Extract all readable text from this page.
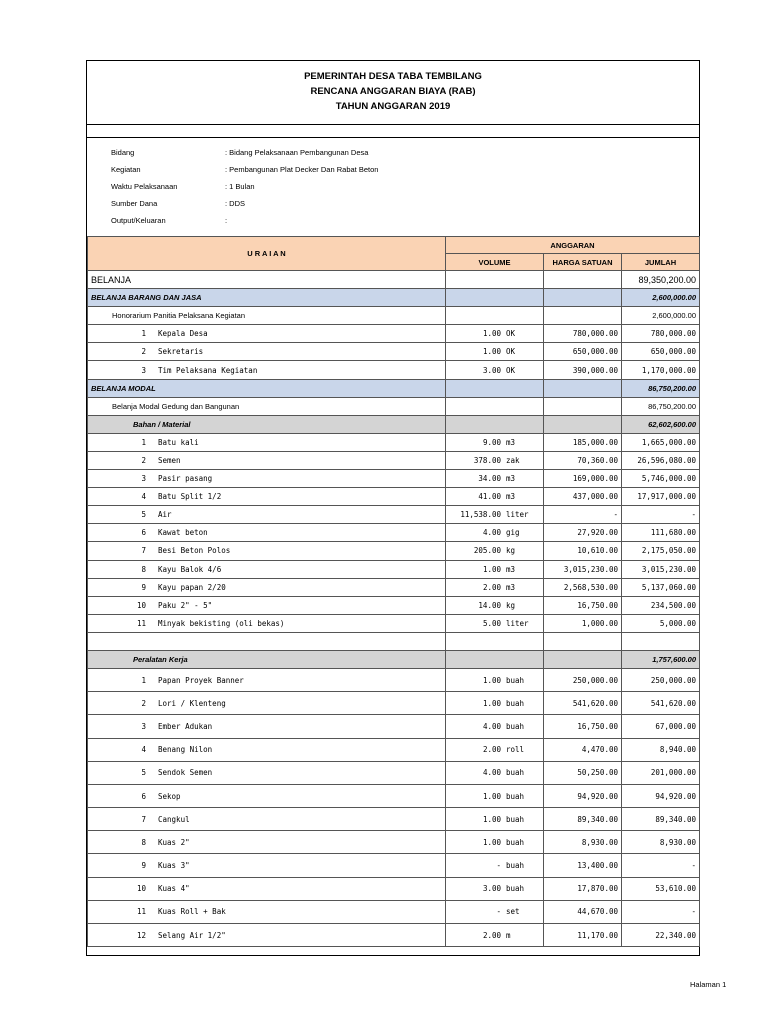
PEMERINTAH DESA TABA TEMBILANG
RENCANA ANGGARAN BIAYA (RAB)
TAHUN ANGGARAN 2019
Bidang	: Bidang Pelaksanaan Pembangunan Desa
Kegiatan	: Pembangunan Plat Decker Dan Rabat Beton
Waktu Pelaksanaan	: 1 Bulan
Sumber Dana	: DDS
Output/Keluaran	:
U R A I A N	ANGGARAN		
	VOLUME	HARGA SATUAN	JUMLAH
BELANJA			89,350,200.00
BELANJA BARANG DAN JASA			2,600,000.00
Honorarium Panitia Pelaksana Kegiatan			2,600,000.00
1 Kepala Desa	1.00 OK	780,000.00	780,000.00
2 Sekretaris	1.00 OK	650,000.00	650,000.00
3 Tim Pelaksana Kegiatan	3.00 OK	390,000.00	1,170,000.00
BELANJA MODAL			86,750,200.00
Belanja Modal Gedung dan Bangunan			86,750,200.00
Bahan / Material			62,602,600.00
1 Batu kali	9.00 m3	185,000.00	1,665,000.00
2 Semen	378.00 zak	70,360.00	26,596,080.00
3 Pasir pasang	34.00 m3	169,000.00	5,746,000.00
4 Batu Split 1/2	41.00 m3	437,000.00	17,917,000.00
5 Air	11,538.00 liter	-	-
6 Kawat beton	4.00 gig	27,920.00	111,680.00
7 Besi Beton Polos	205.00 kg	10,610.00	2,175,050.00
8 Kayu Balok 4/6	1.00 m3	3,015,230.00	3,015,230.00
9 Kayu papan 2/20	2.00 m3	2,568,530.00	5,137,060.00
10 Paku 2" - 5"	14.00 kg	16,750.00	234,500.00
11 Minyak bekisting (oli bekas)	5.00 liter	1,000.00	5,000.00

Peralatan Kerja			1,757,600.00
1 Papan Proyek Banner	1.00 buah	250,000.00	250,000.00
2 Lori / Klenteng	1.00 buah	541,620.00	541,620.00
3 Ember Adukan	4.00 buah	16,750.00	67,000.00
4 Benang Nilon	2.00 roll	4,470.00	8,940.00
5 Sendok Semen	4.00 buah	50,250.00	201,000.00
6 Sekop	1.00 buah	94,920.00	94,920.00
7 Cangkul	1.00 buah	89,340.00	89,340.00
8 Kuas 2"	1.00 buah	8,930.00	8,930.00
9 Kuas 3"	- buah	13,400.00	-
10 Kuas 4"	3.00 buah	17,870.00	53,610.00
11 Kuas Roll + Bak	- set	44,670.00	-
12 Selang Air 1/2"	2.00 m	11,170.00	22,340.00
Halaman 1
